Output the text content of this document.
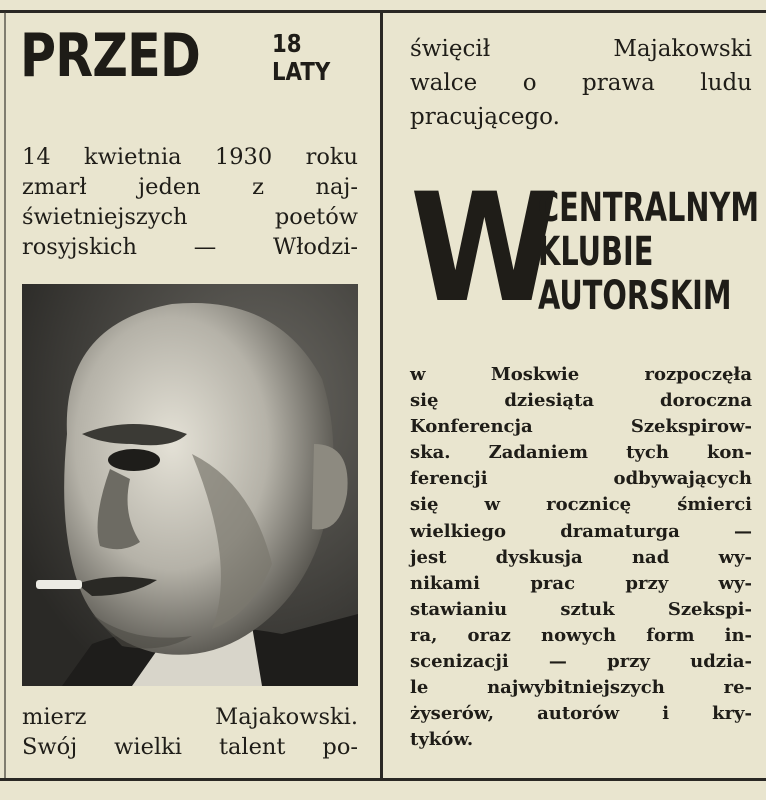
PRZED	18
LATY
14 kwietnia 1930 roku
zmarł jeden z naj-
świetniejszych poetów
rosyjskich — Włodzi-
mierz Majakowski.
Swój wielki talent po-
święcił Majakowski
walce o prawa ludu
pracującego.
W
CENTRALNYM
KLUBIE
AUTORSKIM
w Moskwie rozpoczęła
się dziesiąta doroczna
Konferencja Szekspirow-
ska. Zadaniem tych kon-
ferencji odbywających
się w rocznicę śmierci
wielkiego dramaturga —
jest dyskusja nad wy-
nikami prac przy wy-
stawianiu sztuk Szekspi-
ra, oraz nowych form in-
scenizacji — przy udzia-
le najwybitniejszych re-
żyserów, autorów i kry-
tyków.
